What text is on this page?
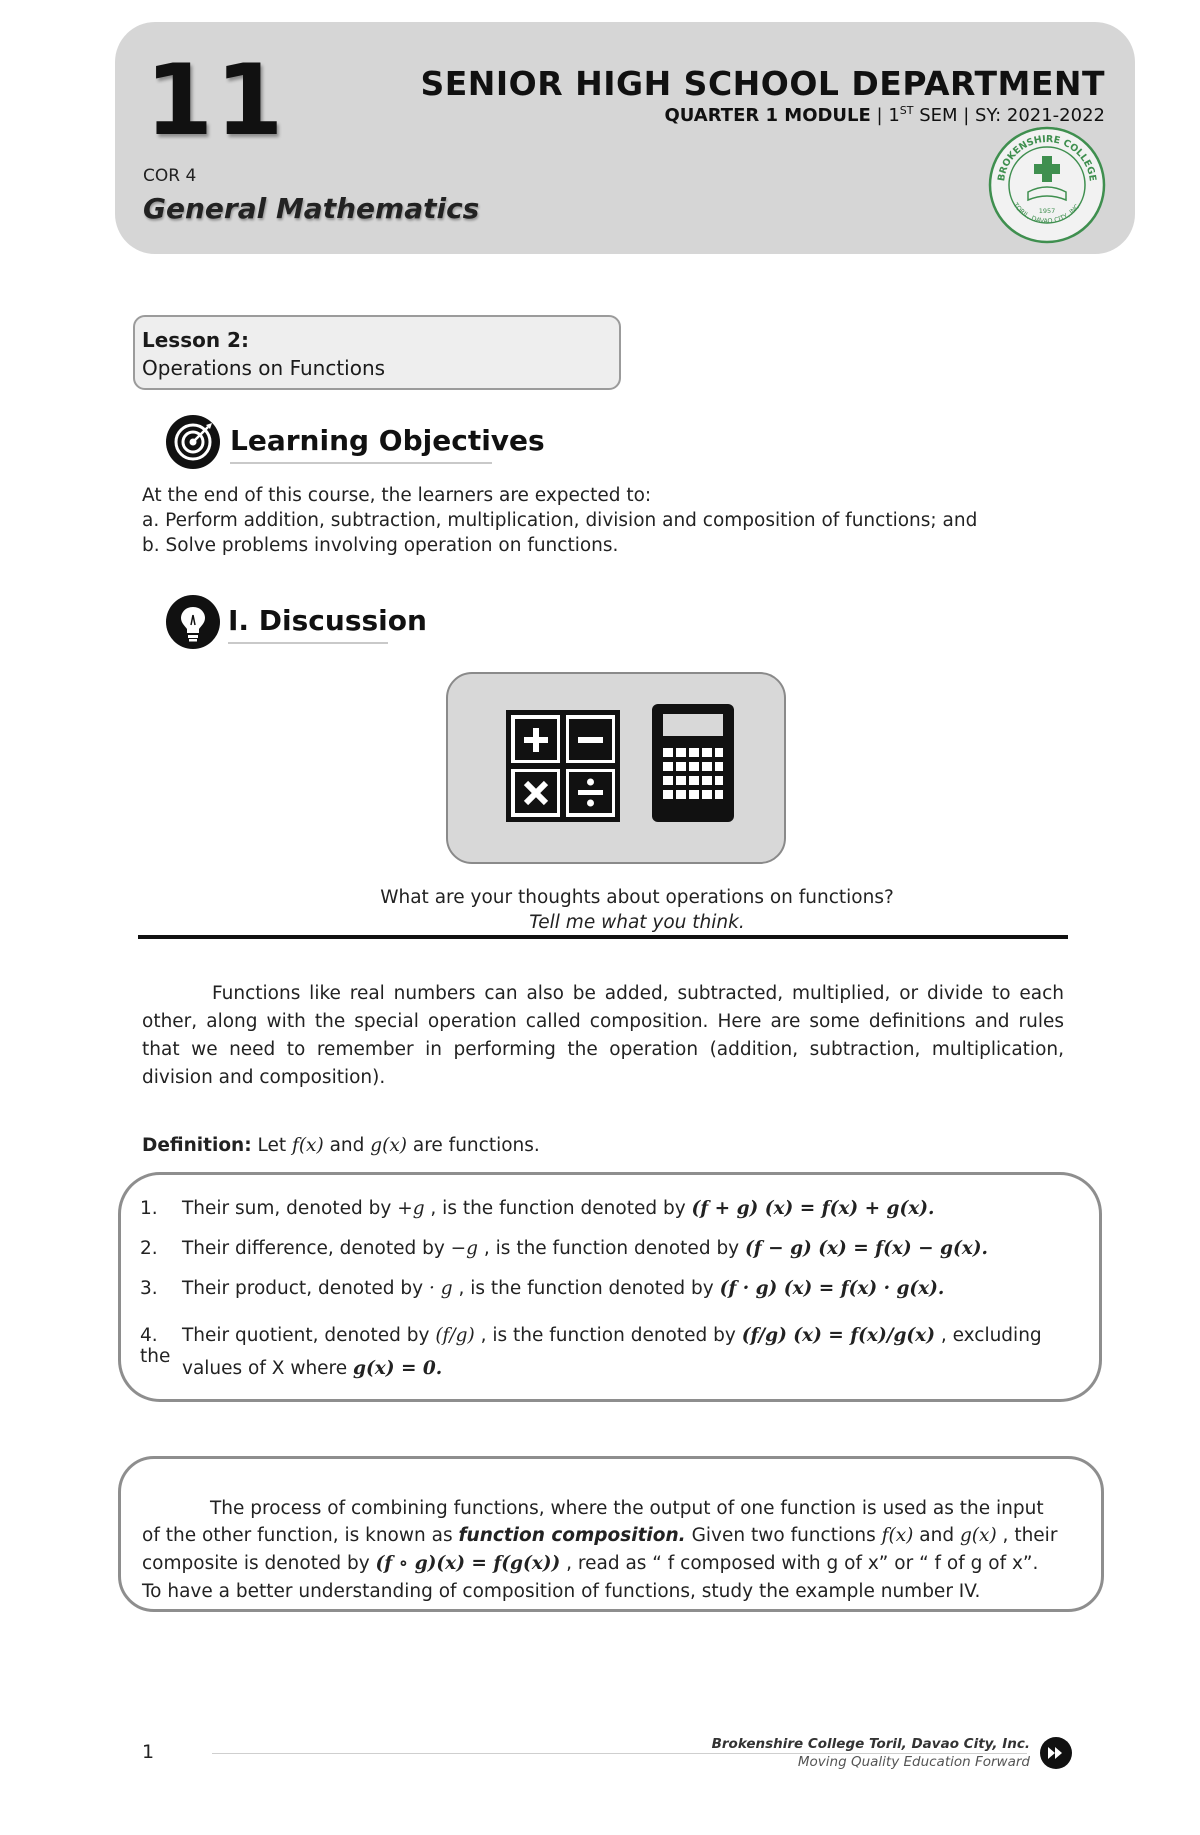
11
COR 4
General Mathematics
SENIOR HIGH SCHOOL DEPARTMENT
QUARTER 1 MODULE | 1ST SEM | SY: 2021-2022
BROKENSHIRE COLLEGE
TORIL, DAVAO CITY, INC.
1957
Lesson 2:
Operations on Functions
Learning Objectives
At the end of this course, the learners are expected to:
a. Perform addition, subtraction, multiplication, division and composition of functions; and
b. Solve problems involving operation on functions.
I. Discussion
What are your thoughts about operations on functions?
Tell me what you think.
Functions like real numbers can also be added, subtracted, multiplied, or divide to each other, along with the special operation called composition. Here are some definitions and rules that we need to remember in performing the operation (addition, subtraction, multiplication, division and composition).
Definition: Let f(x) and g(x) are functions.
1. Their sum, denoted by +g , is the function denoted by (f + g) (x) = f(x) + g(x).
2. Their difference, denoted by −g , is the function denoted by (f − g) (x) = f(x) − g(x).
3. Their product, denoted by · g , is the function denoted by (f · g) (x) = f(x) · g(x).
4. Their quotient, denoted by (f/g) , is the function denoted by (f/g) (x) = f(x)/g(x) , excluding the
values of X where g(x) = 0.
The process of combining functions, where the output of one function is used as the input
of the other function, is known as function composition. Given two functions f(x) and g(x) , their
composite is denoted by (f ∘ g)(x) = f(g(x)) , read as “ f composed with g of x” or “ f of g of x”.
To have a better understanding of composition of functions, study the example number IV.
1	Brokenshire College Toril, Davao City, Inc.
Moving Quality Education Forward
